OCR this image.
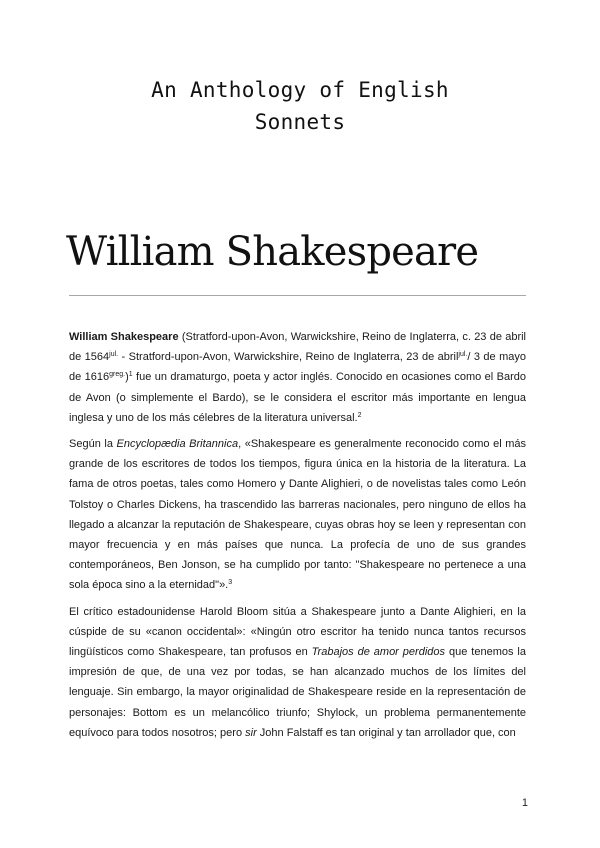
An Anthology of English
Sonnets
William Shakespeare

William Shakespeare (Stratford-upon-Avon, Warwickshire, Reino de Inglaterra, c. 23 de abril de $1564^{jul.}$ - Stratford-upon-Avon, Warwickshire, Reino de Inglaterra, 23 de abril$^{jul.}$/ 3 de mayo de $1616^{greg.})^1$ fue un dramaturgo, poeta y actor inglés. Conocido en ocasiones como el Bardo de Avon (o simplemente el Bardo), se le considera el escritor más importante en lengua inglesa y uno de los más célebres de la literatura universal.$^2$

Según la Encyclopædia Britannica, «Shakespeare es generalmente reconocido como el más grande de los escritores de todos los tiempos, figura única en la historia de la literatura. La fama de otros poetas, tales como Homero y Dante Alighieri, o de novelistas tales como León Tolstoy o Charles Dickens, ha trascendido las barreras nacionales, pero ninguno de ellos ha llegado a alcanzar la reputación de Shakespeare, cuyas obras hoy se leen y representan con mayor frecuencia y en más países que nunca. La profecía de uno de sus grandes contemporáneos, Ben Jonson, se ha cumplido por tanto: "Shakespeare no pertenece a una sola época sino a la eternidad"».$^3$

El crítico estadounidense Harold Bloom sitúa a Shakespeare junto a Dante Alighieri, en la cúspide de su «canon occidental»: «Ningún otro escritor ha tenido nunca tantos recursos lingüísticos como Shakespeare, tan profusos en Trabajos de amor perdidos que tenemos la impresión de que, de una vez por todas, se han alcanzado muchos de los límites del lenguaje. Sin embargo, la mayor originalidad de Shakespeare reside en la representación de personajes: Bottom es un melancólico triunfo; Shylock, un problema permanentemente equívoco para todos nosotros; pero sir John Falstaff es tan original y tan arrollador que, con

1
